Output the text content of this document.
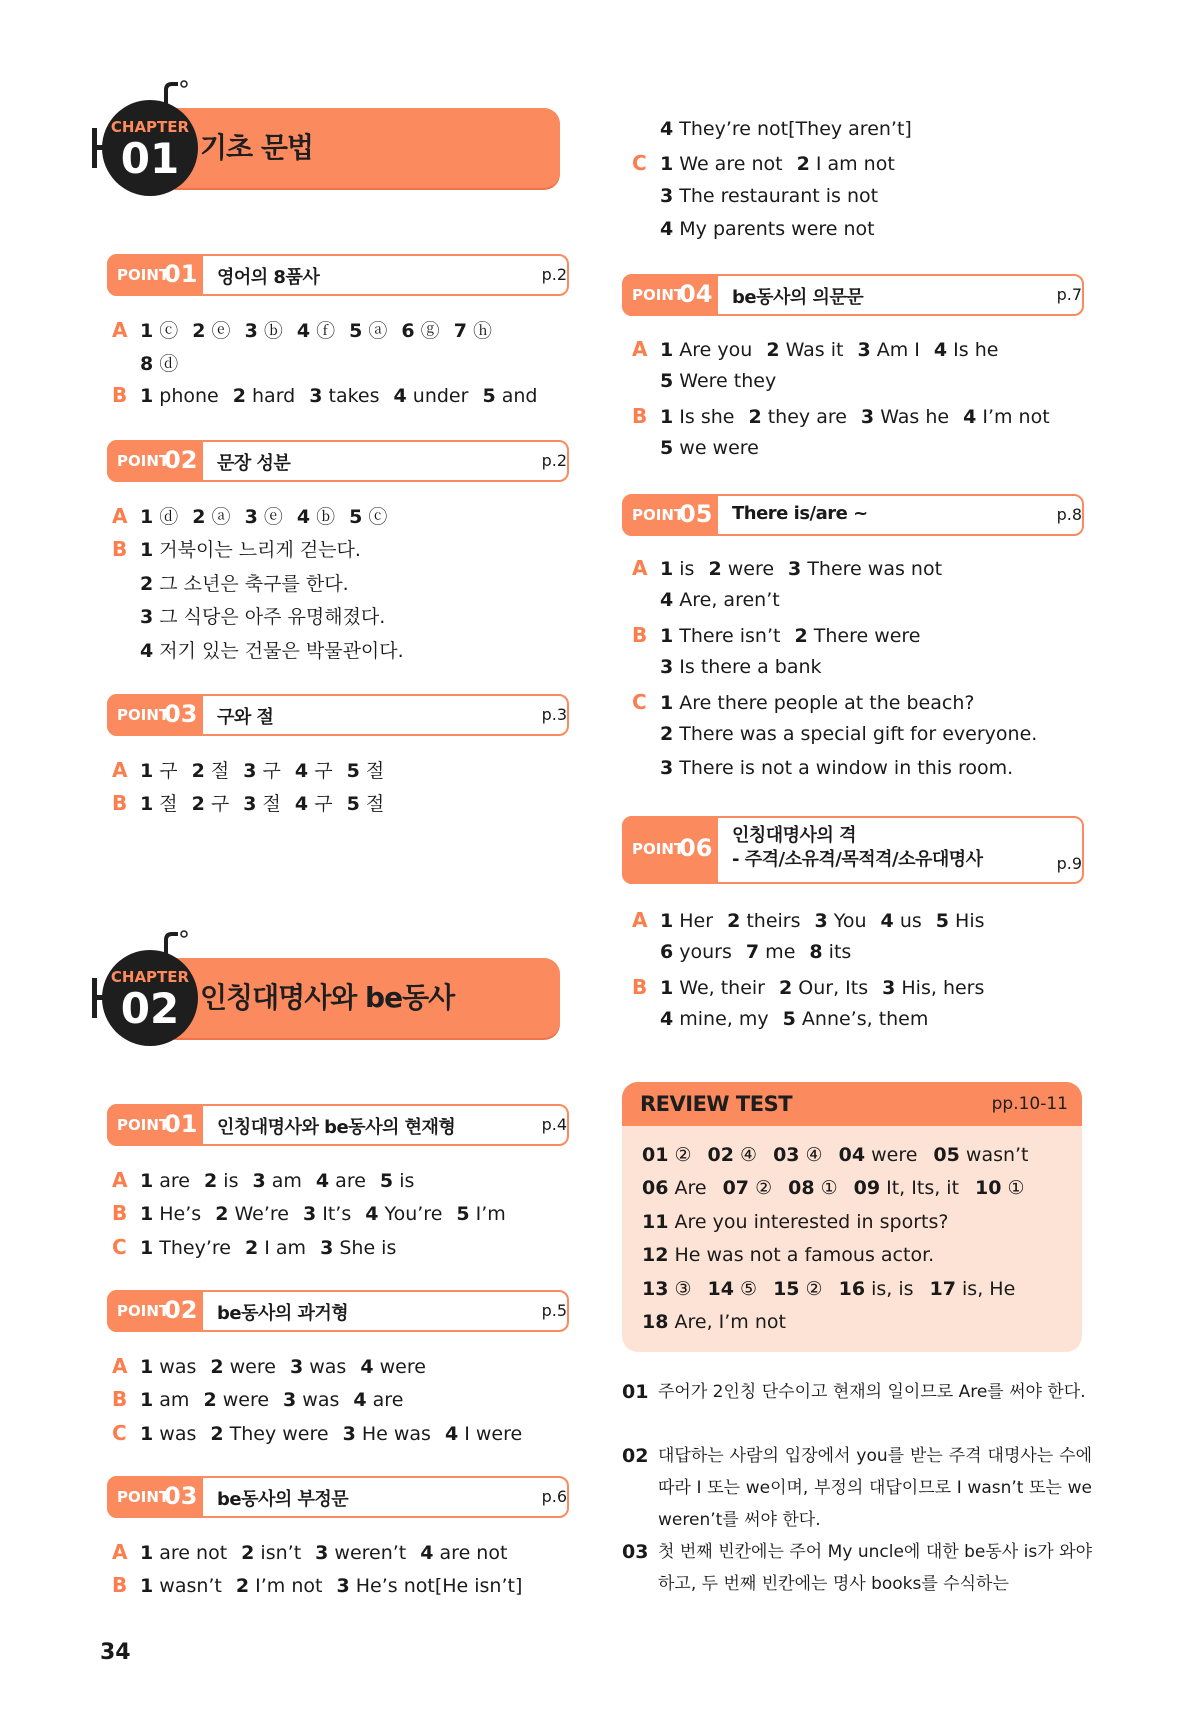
기초 문법
CHAPTER
01
POINT
01 영어의 8품사	p.2
A 1 ⓒ 2 ⓔ 3 ⓑ 4 ⓕ 5 ⓐ 6 ⓖ 7 ⓗ
8 ⓓ
B 1 phone 2 hard 3 takes 4 under 5 and
POINT
02 문장 성분	p.2
A 1 ⓓ 2 ⓐ 3 ⓔ 4 ⓑ 5 ⓒ
B 1 거북이는 느리게 걷는다.
2 그 소년은 축구를 한다.
3 그 식당은 아주 유명해졌다.
4 저기 있는 건물은 박물관이다.
POINT
03 구와 절	p.3
A 1 구 2 절 3 구 4 구 5 절
B 1 절 2 구 3 절 4 구 5 절
인칭대명사와 be동사
CHAPTER
02
POINT
01 인칭대명사와 be동사의 현재형	p.4
A 1 are 2 is 3 am 4 are 5 is
B 1 He’s 2 We’re 3 It’s 4 You’re 5 I’m
C 1 They’re 2 I am 3 She is
POINT
02 be동사의 과거형	p.5
A 1 was 2 were 3 was 4 were
B 1 am 2 were 3 was 4 are
C 1 was 2 They were 3 He was 4 I were
POINT
03 be동사의 부정문	p.6
A 1 are not 2 isn’t 3 weren’t 4 are not
B 1 wasn’t 2 I’m not 3 He’s not[He isn’t]
34
4 They’re not[They aren’t]
C 1 We are not 2 I am not
3 The restaurant is not
4 My parents were not
POINT
04 be동사의 의문문	p.7
A 1 Are you 2 Was it 3 Am I 4 Is he
5 Were they
B 1 Is she 2 they are 3 Was he 4 I’m not
5 we were
POINT
05 There is/are ~	p.8
A 1 is 2 were 3 There was not
4 Are, aren’t
B 1 There isn’t 2 There were
3 Is there a bank
C 1 Are there people at the beach?
2 There was a special gift for everyone.
3 There is not a window in this room.
POINT
06 인칭대명사의 격
- 주격/소유격/목적격/소유대명사	p.9
A 1 Her 2 theirs 3 You 4 us 5 His
6 yours 7 me 8 its
B 1 We, their 2 Our, Its 3 His, hers
4 mine, my 5 Anne’s, them
REVIEW TEST	pp.10-11
01 ② 02 ④ 03 ④ 04 were 05 wasn’t
06 Are 07 ② 08 ① 09 It, Its, it 10 ①
11 Are you interested in sports?
12 He was not a famous actor.
13 ③ 14 ⑤ 15 ② 16 is, is 17 is, He
18 Are, I’m not
01 주어가 2인칭 단수이고 현재의 일이므로 Are를 써야 한다.
02 대답하는 사람의 입장에서 you를 받는 주격 대명사는 수에 따라 I 또는 we이며, 부정의 대답이므로 I wasn’t 또는 we weren’t를 써야 한다.
03 첫 번째 빈칸에는 주어 My uncle에 대한 be동사 is가 와야 하고, 두 번째 빈칸에는 명사 books를 수식하는
